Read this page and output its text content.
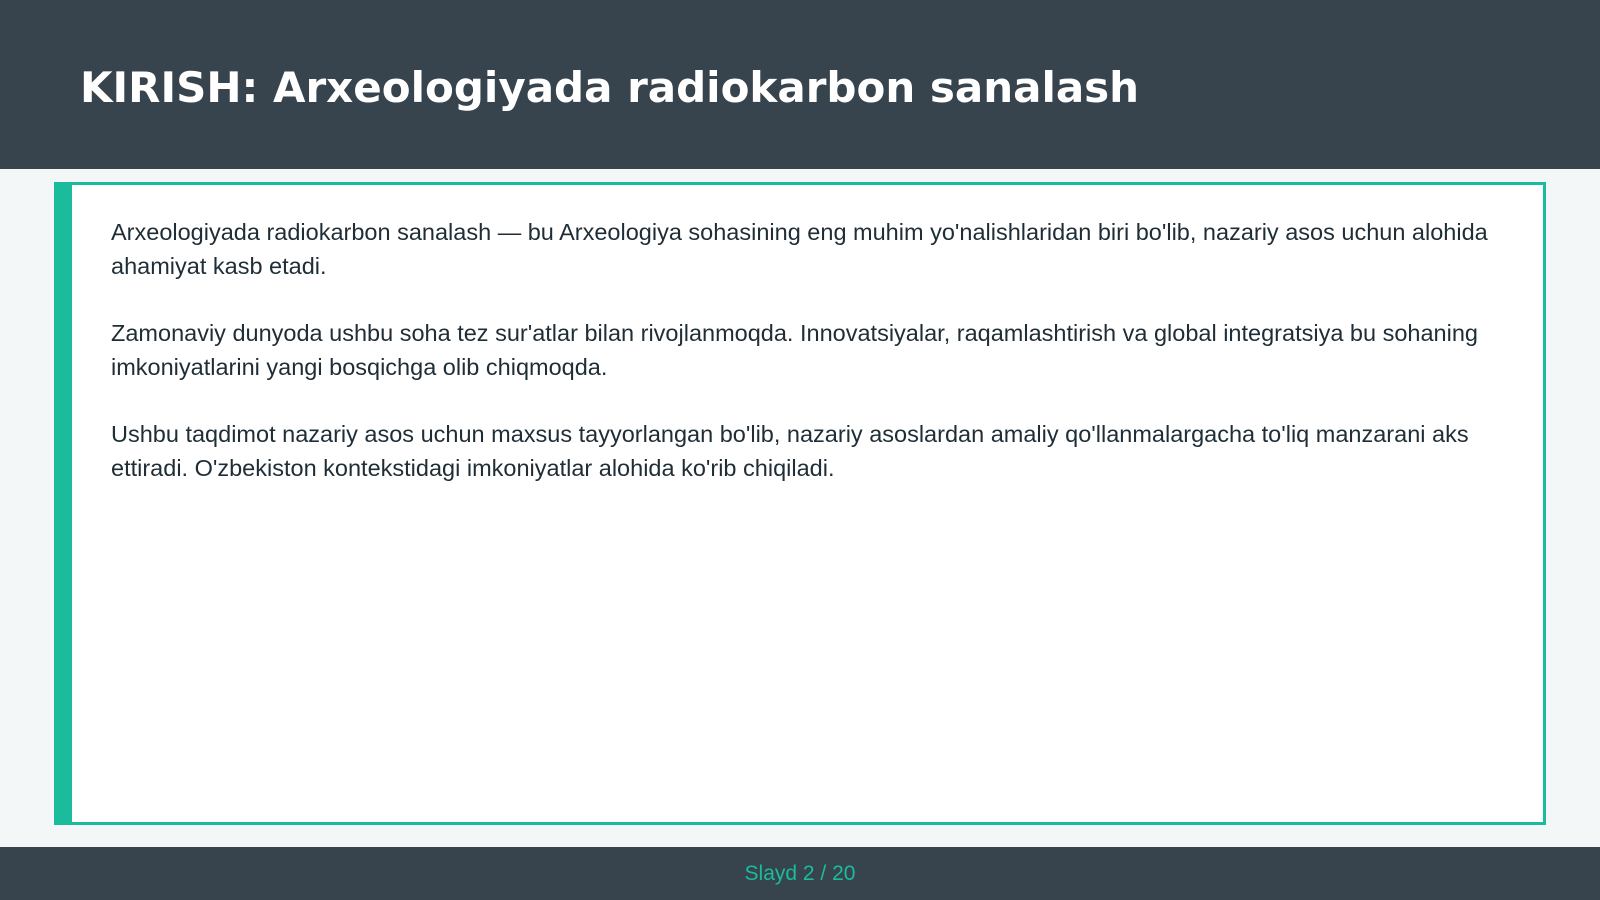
KIRISH: Arxeologiyada radiokarbon sanalash

Arxeologiyada radiokarbon sanalash — bu Arxeologiya sohasining eng muhim yo'nalishlaridan biri bo'lib, nazariy asos uchun alohida ahamiyat kasb etadi.

Zamonaviy dunyoda ushbu soha tez sur'atlar bilan rivojlanmoqda. Innovatsiyalar, raqamlashtirish va global integratsiya bu sohaning imkoniyatlarini yangi bosqichga olib chiqmoqda.

Ushbu taqdimot nazariy asos uchun maxsus tayyorlangan bo'lib, nazariy asoslardan amaliy qo'llanmalargacha to'liq manzarani aks ettiradi. O'zbekiston kontekstidagi imkoniyatlar alohida ko'rib chiqiladi.

Slayd 2 / 20
